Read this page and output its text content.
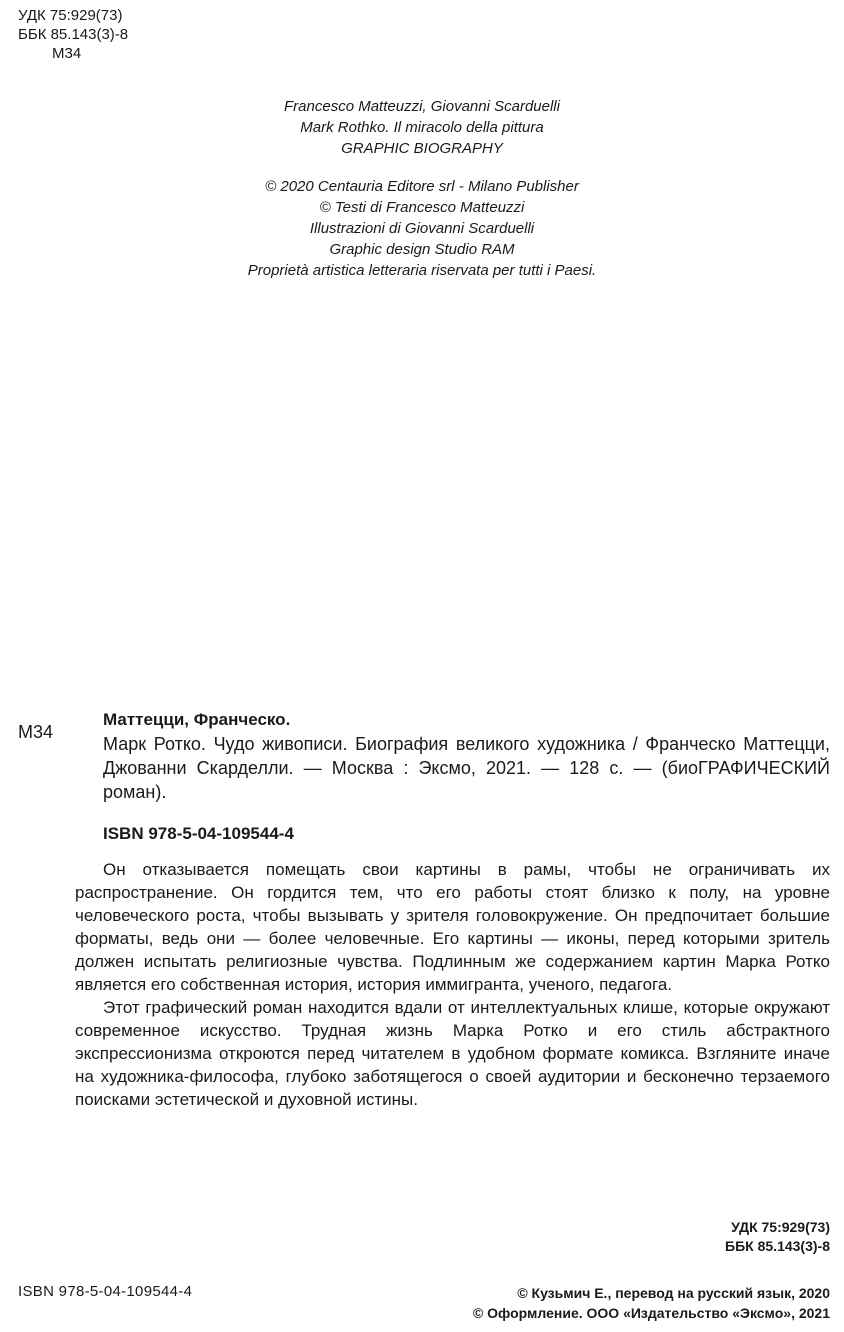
УДК 75:929(73)
ББК 85.143(3)-8
М34
Francesco Matteuzzi, Giovanni Scarduelli
Mark Rothko. Il miracolo della pittura
GRAPHIC BIOGRAPHY
© 2020 Centauria Editore srl - Milano Publisher
© Testi di Francesco Matteuzzi
Illustrazioni di Giovanni Scarduelli
Graphic design Studio RAM
Proprietà artistica letteraria riservata per tutti i Paesi.
М34
Маттецци, Франческо.
Марк Ротко. Чудо живописи. Биография великого художника / Франческо Маттецци, Джованни Скарделли. — Москва : Эксмо, 2021. — 128 с. — (биоГРАФИЧЕСКИЙ роман).
ISBN 978-5-04-109544-4

Он отказывается помещать свои картины в рамы, чтобы не ограничивать их распространение. Он гордится тем, что его работы стоят близко к полу, на уровне человеческого роста, чтобы вызывать у зрителя головокружение. Он предпочитает большие форматы, ведь они — более человечные. Его картины — иконы, перед которыми зритель должен испытать религиозные чувства. Подлинным же содержанием картин Марка Ротко является его собственная история, история иммигранта, ученого, педагога.

Этот графический роман находится вдали от интеллектуальных клише, которые окружают современное искусство. Трудная жизнь Марка Ротко и его стиль абстрактного экспрессионизма откроются перед читателем в удобном формате комикса. Взгляните иначе на художника-философа, глубоко заботящегося о своей аудитории и бесконечно терзаемого поисками эстетической и духовной истины.

УДК 75:929(73)
ББК 85.143(3)-8
ISBN 978-5-04-109544-4	© Кузьмич Е., перевод на русский язык, 2020
© Оформление. ООО «Издательство «Эксмо», 2021
